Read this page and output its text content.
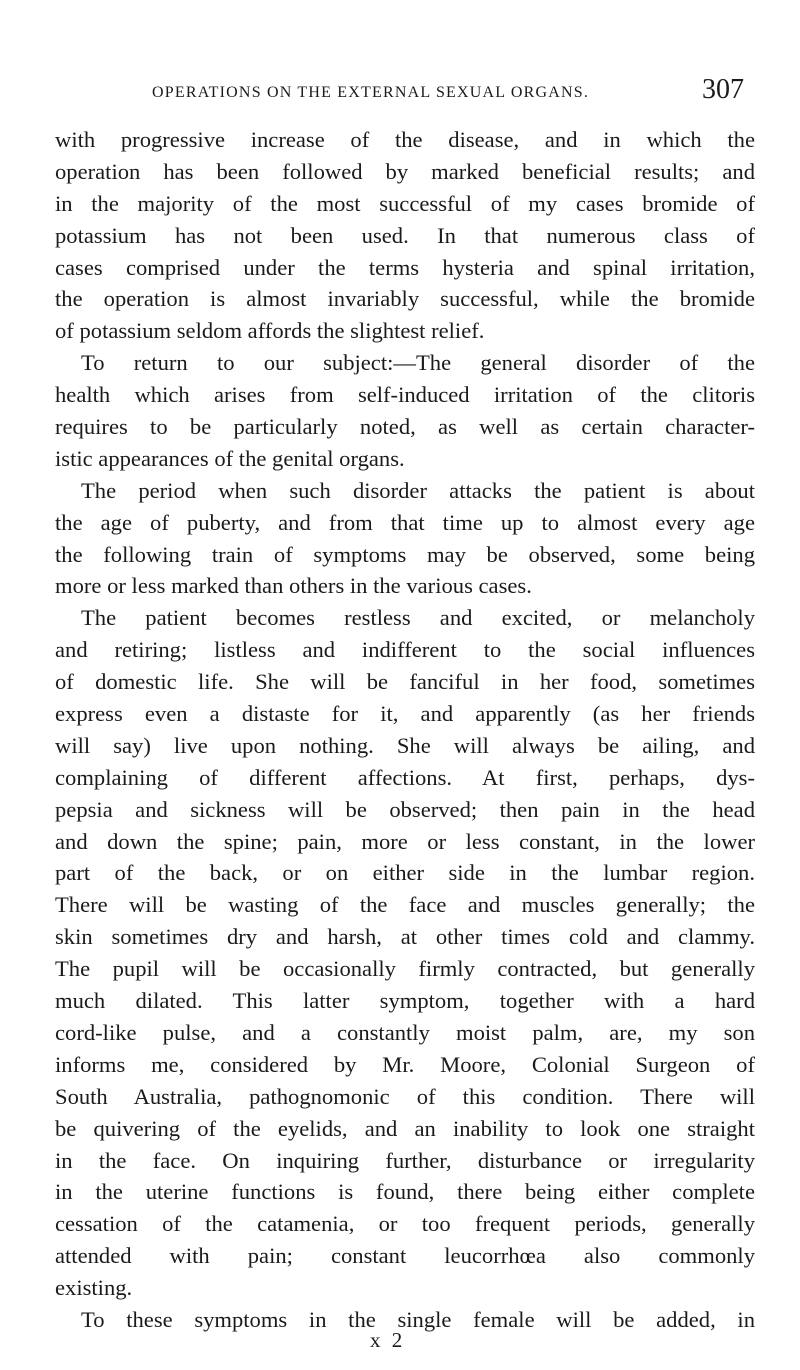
OPERATIONS ON THE EXTERNAL SEXUAL ORGANS.	307
with progressive increase of the disease, and in which the
operation has been followed by marked beneficial results; and
in the majority of the most successful of my cases bromide of
potassium has not been used. In that numerous class of
cases comprised under the terms hysteria and spinal irritation,
the operation is almost invariably successful, while the bromide
of potassium seldom affords the slightest relief.
To return to our subject:—The general disorder of the
health which arises from self-induced irritation of the clitoris
requires to be particularly noted, as well as certain character-
istic appearances of the genital organs.
The period when such disorder attacks the patient is about
the age of puberty, and from that time up to almost every age
the following train of symptoms may be observed, some being
more or less marked than others in the various cases.
The patient becomes restless and excited, or melancholy
and retiring; listless and indifferent to the social influences
of domestic life. She will be fanciful in her food, sometimes
express even a distaste for it, and apparently (as her friends
will say) live upon nothing. She will always be ailing, and
complaining of different affections. At first, perhaps, dys-
pepsia and sickness will be observed; then pain in the head
and down the spine; pain, more or less constant, in the lower
part of the back, or on either side in the lumbar region.
There will be wasting of the face and muscles generally; the
skin sometimes dry and harsh, at other times cold and clammy.
The pupil will be occasionally firmly contracted, but generally
much dilated. This latter symptom, together with a hard
cord-like pulse, and a constantly moist palm, are, my son
informs me, considered by Mr. Moore, Colonial Surgeon of
South Australia, pathognomonic of this condition. There will
be quivering of the eyelids, and an inability to look one straight
in the face. On inquiring further, disturbance or irregularity
in the uterine functions is found, there being either complete
cessation of the catamenia, or too frequent periods, generally
attended with pain; constant leucorrhœa also commonly
existing.
To these symptoms in the single female will be added, in
x 2
